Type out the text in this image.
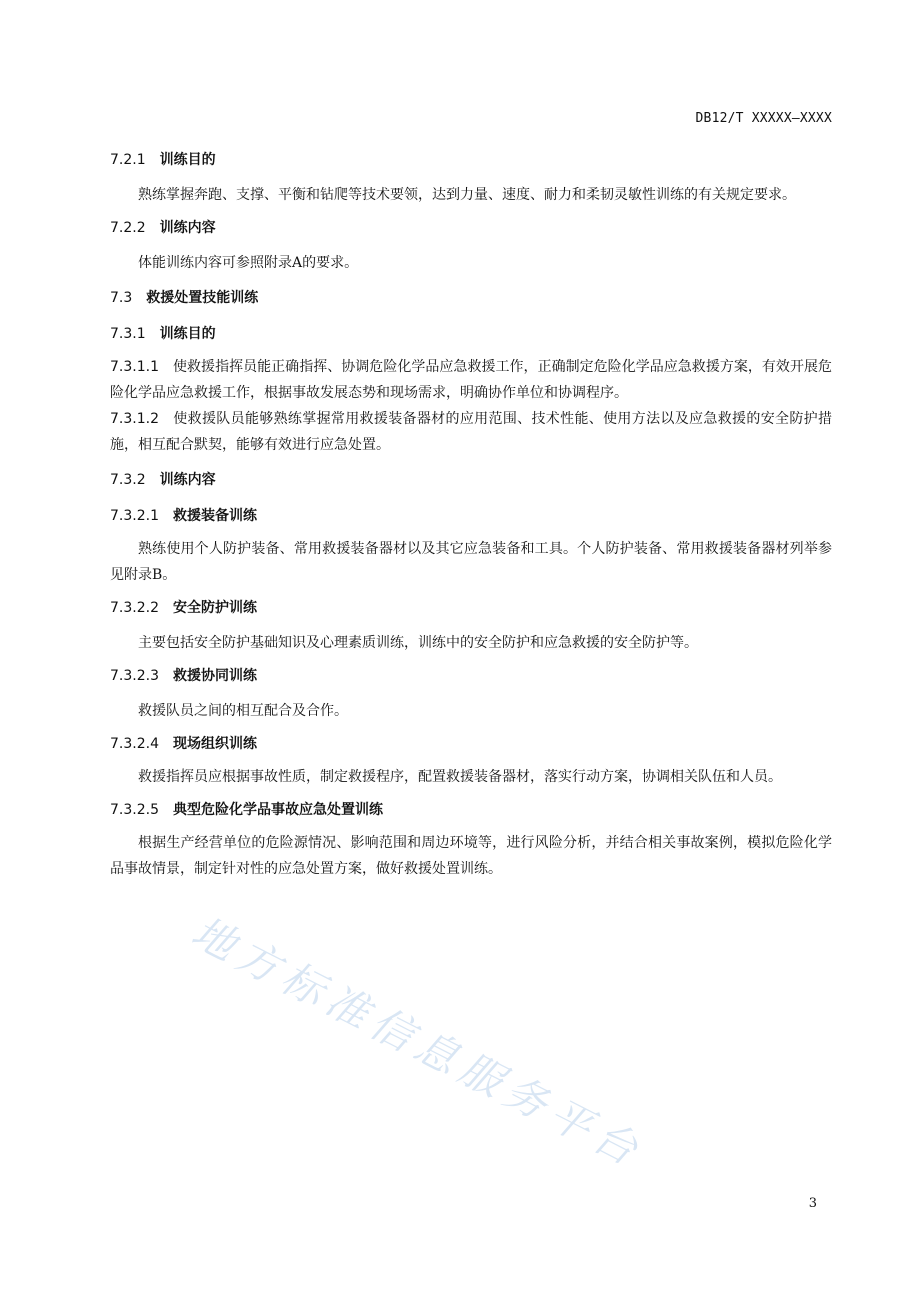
DB12/T XXXXX—XXXX
7.2.1 训练目的

熟练掌握奔跑、支撑、平衡和钻爬等技术要领，达到力量、速度、耐力和柔韧灵敏性训练的有关规定要求。

7.2.2 训练内容

体能训练内容可参照附录A的要求。

7.3 救援处置技能训练
7.3.1 训练目的

7.3.1.1 使救援指挥员能正确指挥、协调危险化学品应急救援工作，正确制定危险化学品应急救援方案，有效开展危险化学品应急救援工作，根据事故发展态势和现场需求，明确协作单位和协调程序。

7.3.1.2 使救援队员能够熟练掌握常用救援装备器材的应用范围、技术性能、使用方法以及应急救援的安全防护措施，相互配合默契，能够有效进行应急处置。

7.3.2 训练内容
7.3.2.1 救援装备训练

熟练使用个人防护装备、常用救援装备器材以及其它应急装备和工具。个人防护装备、常用救援装备器材列举参见附录B。

7.3.2.2 安全防护训练

主要包括安全防护基础知识及心理素质训练，训练中的安全防护和应急救援的安全防护等。

7.3.2.3 救援协同训练

救援队员之间的相互配合及合作。

7.3.2.4 现场组织训练

救援指挥员应根据事故性质，制定救援程序，配置救援装备器材，落实行动方案，协调相关队伍和人员。

7.3.2.5 典型危险化学品事故应急处置训练

根据生产经营单位的危险源情况、影响范围和周边环境等，进行风险分析，并结合相关事故案例，模拟危险化学品事故情景，制定针对性的应急处置方案，做好救援处置训练。

地方标准信息服务平台
3
